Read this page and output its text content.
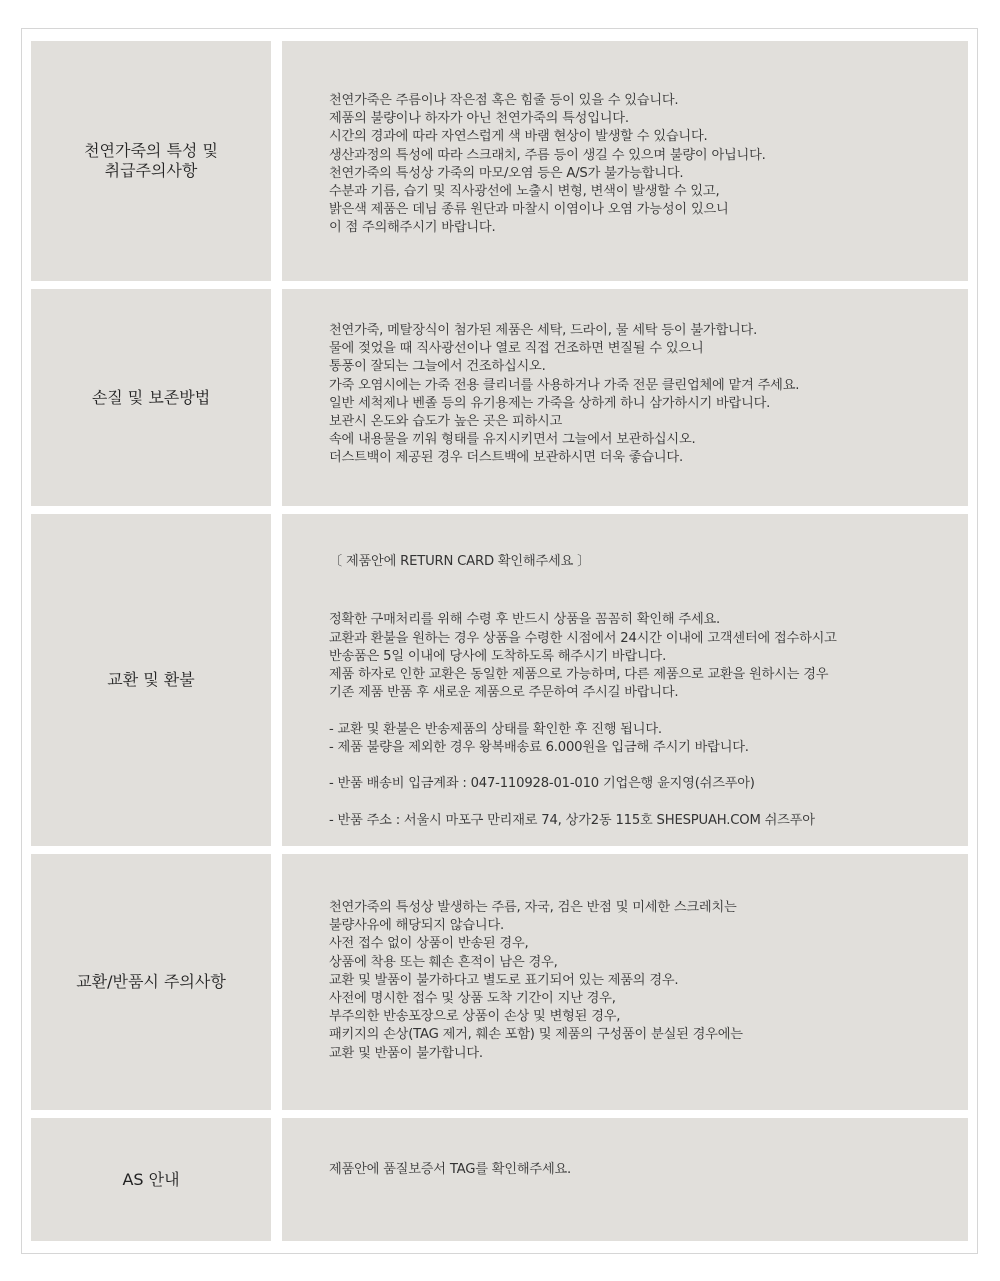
천연가죽의 특성 및
취급주의사항
천연가죽은 주름이나 작은점 혹은 힘줄 등이 있을 수 있습니다.
제품의 불량이나 하자가 아닌 천연가죽의 특성입니다.
시간의 경과에 따라 자연스럽게 색 바램 현상이 발생할 수 있습니다.
생산과정의 특성에 따라 스크래치, 주름 등이 생길 수 있으며 불량이 아닙니다.
천연가죽의 특성상 가죽의 마모/오염 등은 A/S가 불가능합니다.
수분과 기름, 습기 및 직사광선에 노출시 변형, 변색이 발생할 수 있고,
밝은색 제품은 데님 종류 원단과 마찰시 이염이나 오염 가능성이 있으니
이 점 주의해주시기 바랍니다.
손질 및 보존방법
천연가죽, 메탈장식이 첨가된 제품은 세탁, 드라이, 물 세탁 등이 불가합니다.
물에 젖었을 때 직사광선이나 열로 직접 건조하면 변질될 수 있으니
통풍이 잘되는 그늘에서 건조하십시오.
가죽 오염시에는 가죽 전용 클리너를 사용하거나 가죽 전문 클린업체에 맡겨 주세요.
일반 세척제나 벤졸 등의 유기용제는 가죽을 상하게 하니 삼가하시기 바랍니다.
보관시 온도와 습도가 높은 곳은 피하시고
속에 내용물을 끼워 형태를 유지시키면서 그늘에서 보관하십시오.
더스트백이 제공된 경우 더스트백에 보관하시면 더욱 좋습니다.
교환 및 환불
〔 제품안에 RETURN CARD 확인해주세요 〕
정확한 구매처리를 위해 수령 후 반드시 상품을 꼼꼼히 확인해 주세요.
교환과 환불을 원하는 경우 상품을 수령한 시점에서 24시간 이내에 고객센터에 접수하시고
반송품은 5일 이내에 당사에 도착하도록 해주시기 바랍니다.
제품 하자로 인한 교환은 동일한 제품으로 가능하며, 다른 제품으로 교환을 원하시는 경우
기존 제품 반품 후 새로운 제품으로 주문하여 주시길 바랍니다.
- 교환 및 환불은 반송제품의 상태를 확인한 후 진행 됩니다.
- 제품 불량을 제외한 경우 왕복배송료 6.000원을 입금해 주시기 바랍니다.
- 반품 배송비 입금계좌 : 047-110928-01-010 기업은행 윤지영(쉬즈푸아)
- 반품 주소 : 서울시 마포구 만리재로 74, 상가2동 115호 SHESPUAH.COM 쉬즈푸아
교환/반품시 주의사항
천연가죽의 특성상 발생하는 주름, 자국, 검은 반점 및 미세한 스크레치는
불량사유에 해당되지 않습니다.
사전 접수 없이 상품이 반송된 경우,
상품에 착용 또는 훼손 흔적이 남은 경우,
교환 및 발품이 불가하다고 별도로 표기되어 있는 제품의 경우.
사전에 명시한 접수 및 상품 도착 기간이 지난 경우,
부주의한 반송포장으로 상품이 손상 및 변형된 경우,
패키지의 손상(TAG 제거, 훼손 포함) 및 제품의 구성품이 분실된 경우에는
교환 및 반품이 불가합니다.
AS 안내	제품안에 품질보증서 TAG를 확인해주세요.
